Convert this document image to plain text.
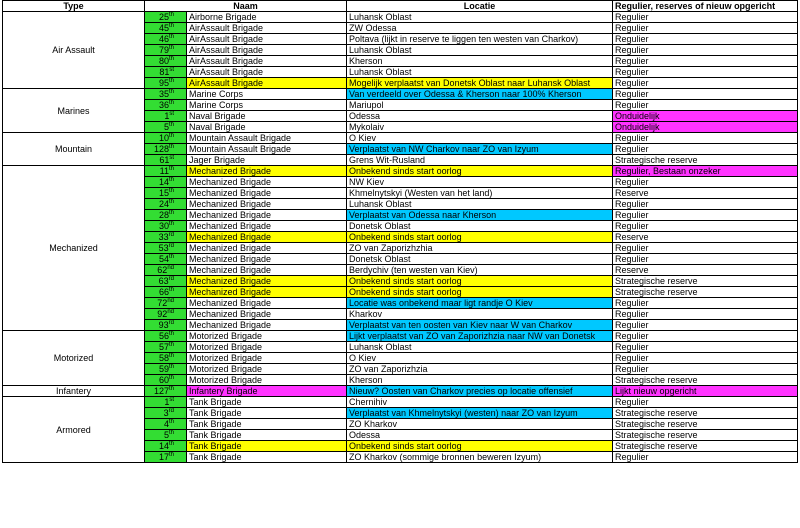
Type	Naam		Locatie	Regulier, reserves of nieuw opgericht
Air Assault	25th	Airborne Brigade	Luhansk Oblast	Regulier
	45th	AirAssault Brigade	ZW Odessa	Regulier
	46th	AirAssault Brigade	Poltava (lijkt in reserve te liggen ten westen van Charkov)	Regulier
	79th	AirAssault Brigade	Luhansk Oblast	Regulier
	80th	AirAssault Brigade	Kherson	Regulier
	81st	AirAssault Brigade	Luhansk Oblast	Regulier
	95th	AirAssault Brigade	Mogelijk verplaatst van Donetsk Oblast naar Luhansk Oblast	Regulier
Marines	35th	Marine Corps	Van verdeeld over Odessa & Kherson naar 100% Kherson	Regulier
	36th	Marine Corps	Mariupol	Regulier
	1st	Naval Brigade	Odessa	Onduidelijk
	5th	Naval Brigade	Mykolaiv	Onduidelijk
Mountain	10th	Mountain Assault Brigade	O Kiev	Regulier
	128th	Mountain Assault Brigade	Verplaatst van NW Charkov naar ZO van Izyum	Regulier
	61st	Jager Brigade	Grens Wit-Rusland	Strategische reserve
Mechanized	11th	Mechanized Brigade	Onbekend sinds start oorlog	Regulier, Bestaan onzeker
	14th	Mechanized Brigade	NW Kiev	Regulier
	15th	Mechanized Brigade	Khmelnytskyi (Westen van het land)	Reserve
	24th	Mechanized Brigade	Luhansk Oblast	Regulier
	28th	Mechanized Brigade	Verplaatst van Odessa naar Kherson	Regulier
	30th	Mechanized Brigade	Donetsk Oblast	Regulier
	33rd	Mechanized Brigade	Onbekend sinds start oorlog	Reserve
	53rd	Mechanized Brigade	ZO van Zaporizhzhia	Regulier
	54th	Mechanized Brigade	Donetsk Oblast	Regulier
	62nd	Mechanized Brigade	Berdychiv (ten westen van Kiev)	Reserve
	63rd	Mechanized Brigade	Onbekend sinds start oorlog	Strategische reserve
	66th	Mechanized Brigade	Onbekend sinds start oorlog	Strategische reserve
	72nd	Mechanized Brigade	Locatie was onbekend maar ligt randje O Kiev	Regulier
	92nd	Mechanized Brigade	Kharkov	Regulier
	93rd	Mechanized Brigade	Verplaatst van ten oosten van Kiev naar W van Charkov	Regulier
Motorized	56th	Motorized Brigade	Lijkt verplaatst van ZO van Zaporizhzia naar NW van Donetsk	Regulier
	57th	Motorized Brigade	Luhansk Oblast	Regulier
	58th	Motorized Brigade	O Kiev	Regulier
	59th	Motorized Brigade	ZO van Zaporizhzia	Regulier
	60th	Motorized Brigade	Kherson	Strategische reserve
Infantery	127th	Infantery Brigade	Nieuw? Oosten van Charkov precies op locatie offensief	Lijkt nieuw opgericht
Armored	1st	Tank Brigade	Chernihiv	Regulier
	3rd	Tank Brigade	Verplaatst van Khmelnytskyi (westen) naar ZO van Izyum	Strategische reserve
	4th	Tank Brigade	ZO Kharkov	Strategische reserve
	5th	Tank Brigade	Odessa	Strategische reserve
	14th	Tank Brigade	Onbekend sinds start oorlog	Strategische reserve
	17th	Tank Brigade	ZO Kharkov (sommige bronnen beweren Izyum)	Regulier
